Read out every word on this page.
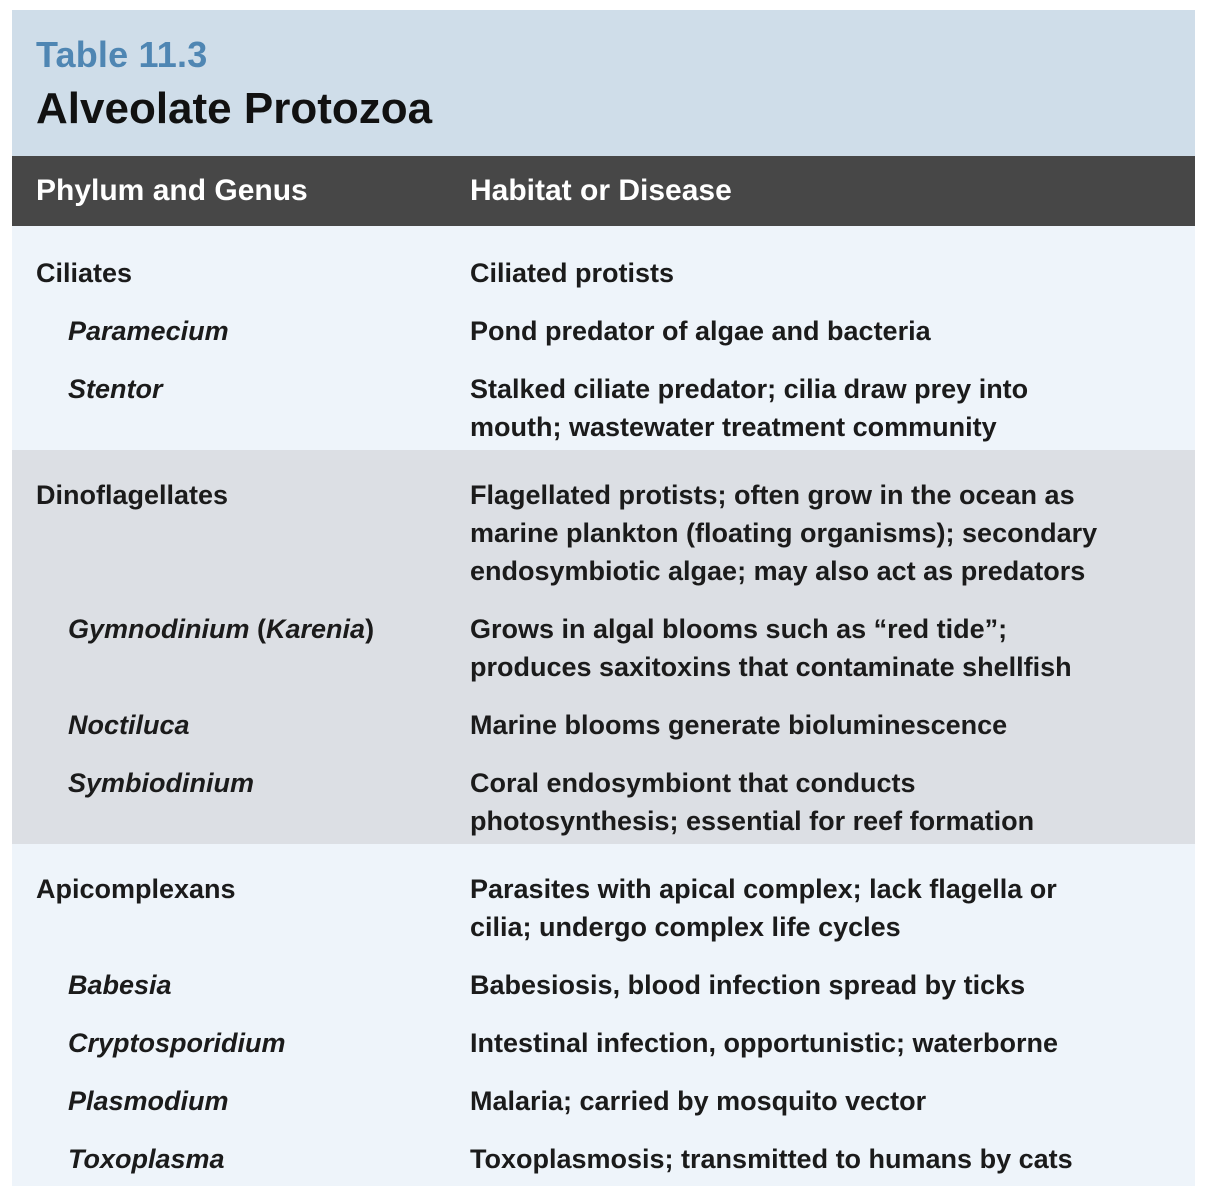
Table 11.3
Alveolate Protozoa
Phylum and Genus	Habitat or Disease
Ciliates	Ciliated protists
Paramecium	Pond predator of algae and bacteria
Stentor	Stalked ciliate predator; cilia draw prey into
mouth; wastewater treatment community
Dinoflagellates	Flagellated protists; often grow in the ocean as
marine plankton (floating organisms); secondary
endosymbiotic algae; may also act as predators
Gymnodinium (Karenia)	Grows in algal blooms such as “red tide”;
produces saxitoxins that contaminate shellfish
Noctiluca	Marine blooms generate bioluminescence
Symbiodinium	Coral endosymbiont that conducts
photosynthesis; essential for reef formation
Apicomplexans	Parasites with apical complex; lack flagella or
cilia; undergo complex life cycles
Babesia	Babesiosis, blood infection spread by ticks
Cryptosporidium	Intestinal infection, opportunistic; waterborne
Plasmodium	Malaria; carried by mosquito vector
Toxoplasma	Toxoplasmosis; transmitted to humans by cats
